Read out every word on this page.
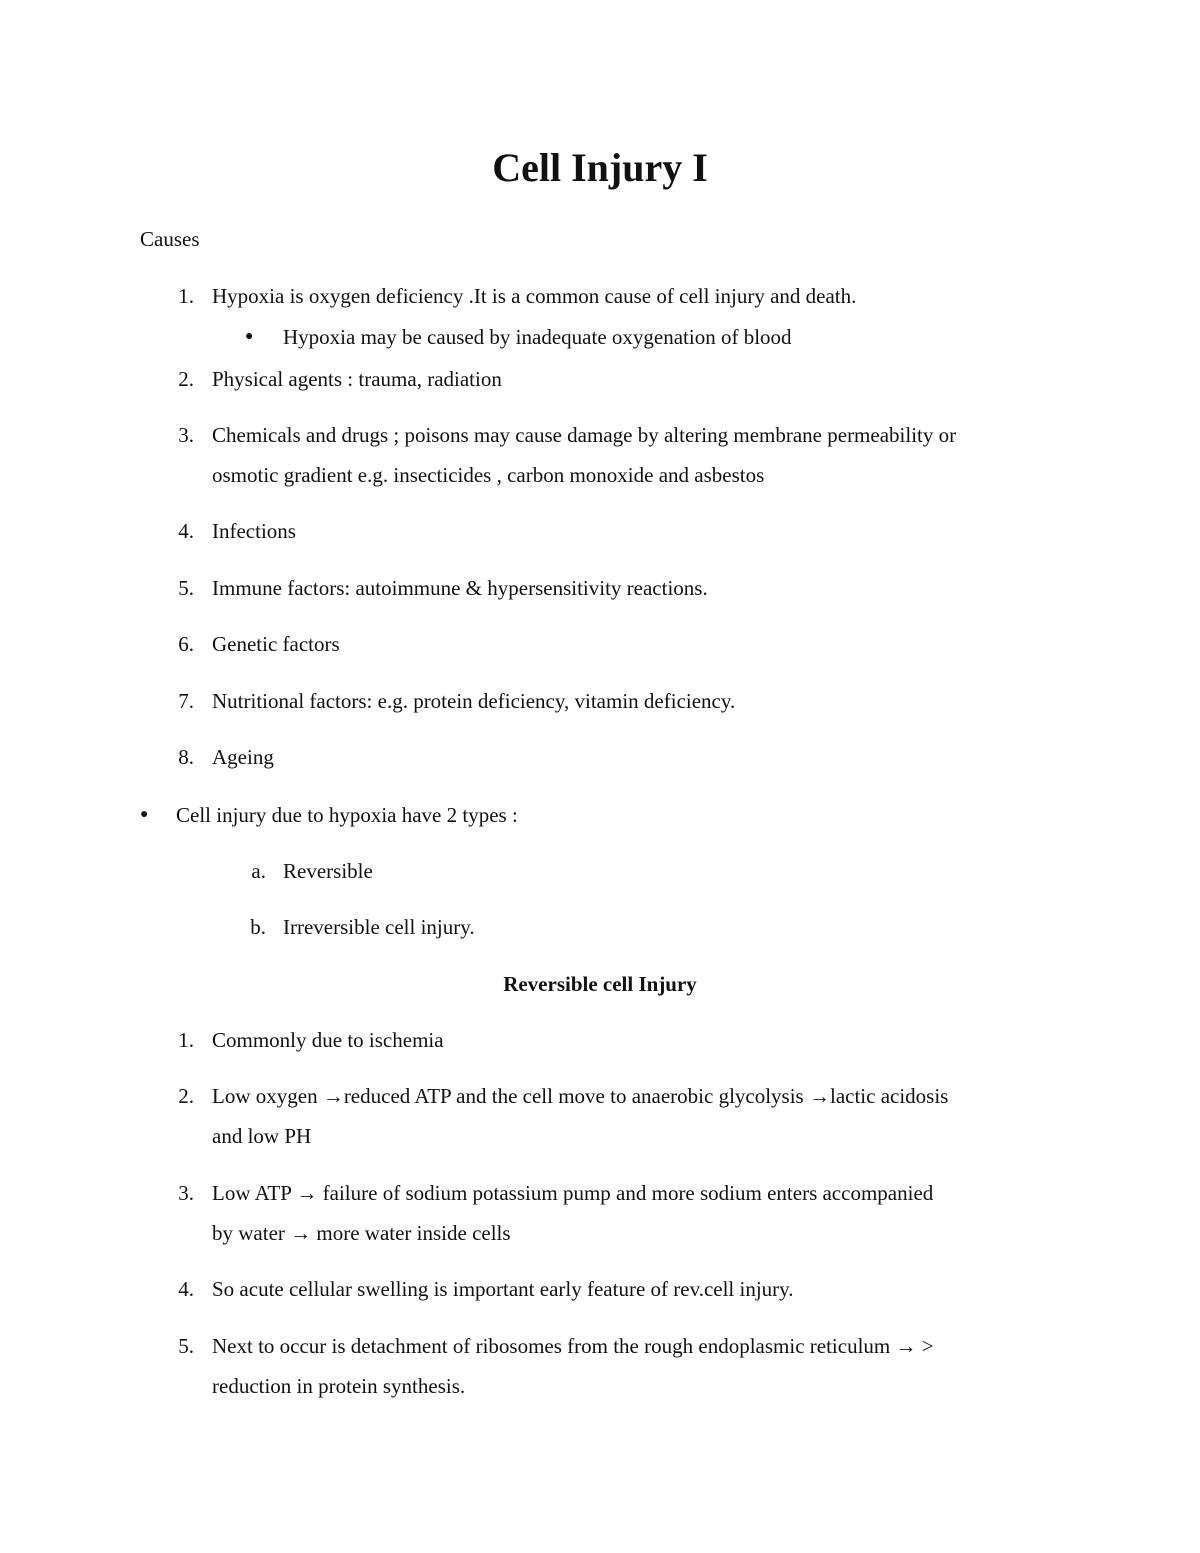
Cell Injury I
Causes
1. Hypoxia is oxygen deficiency .It is a common cause of cell injury and death.
● Hypoxia may be caused by inadequate oxygenation of blood
2. Physical agents : trauma, radiation
3. Chemicals and drugs ; poisons may cause damage by altering membrane permeability or
osmotic gradient e.g. insecticides , carbon monoxide and asbestos
4. Infections
5. Immune factors: autoimmune & hypersensitivity reactions.
6. Genetic factors
7. Nutritional factors: e.g. protein deficiency, vitamin deficiency.
8. Ageing
● Cell injury due to hypoxia have 2 types :
a. Reversible
b. Irreversible cell injury.
Reversible cell Injury
1. Commonly due to ischemia
2. Low oxygen →reduced ATP and the cell move to anaerobic glycolysis →lactic acidosis
and low PH
3. Low ATP → failure of sodium potassium pump and more sodium enters accompanied
by water → more water inside cells
4. So acute cellular swelling is important early feature of rev.cell injury.
5. Next to occur is detachment of ribosomes from the rough endoplasmic reticulum → >
reduction in protein synthesis.
